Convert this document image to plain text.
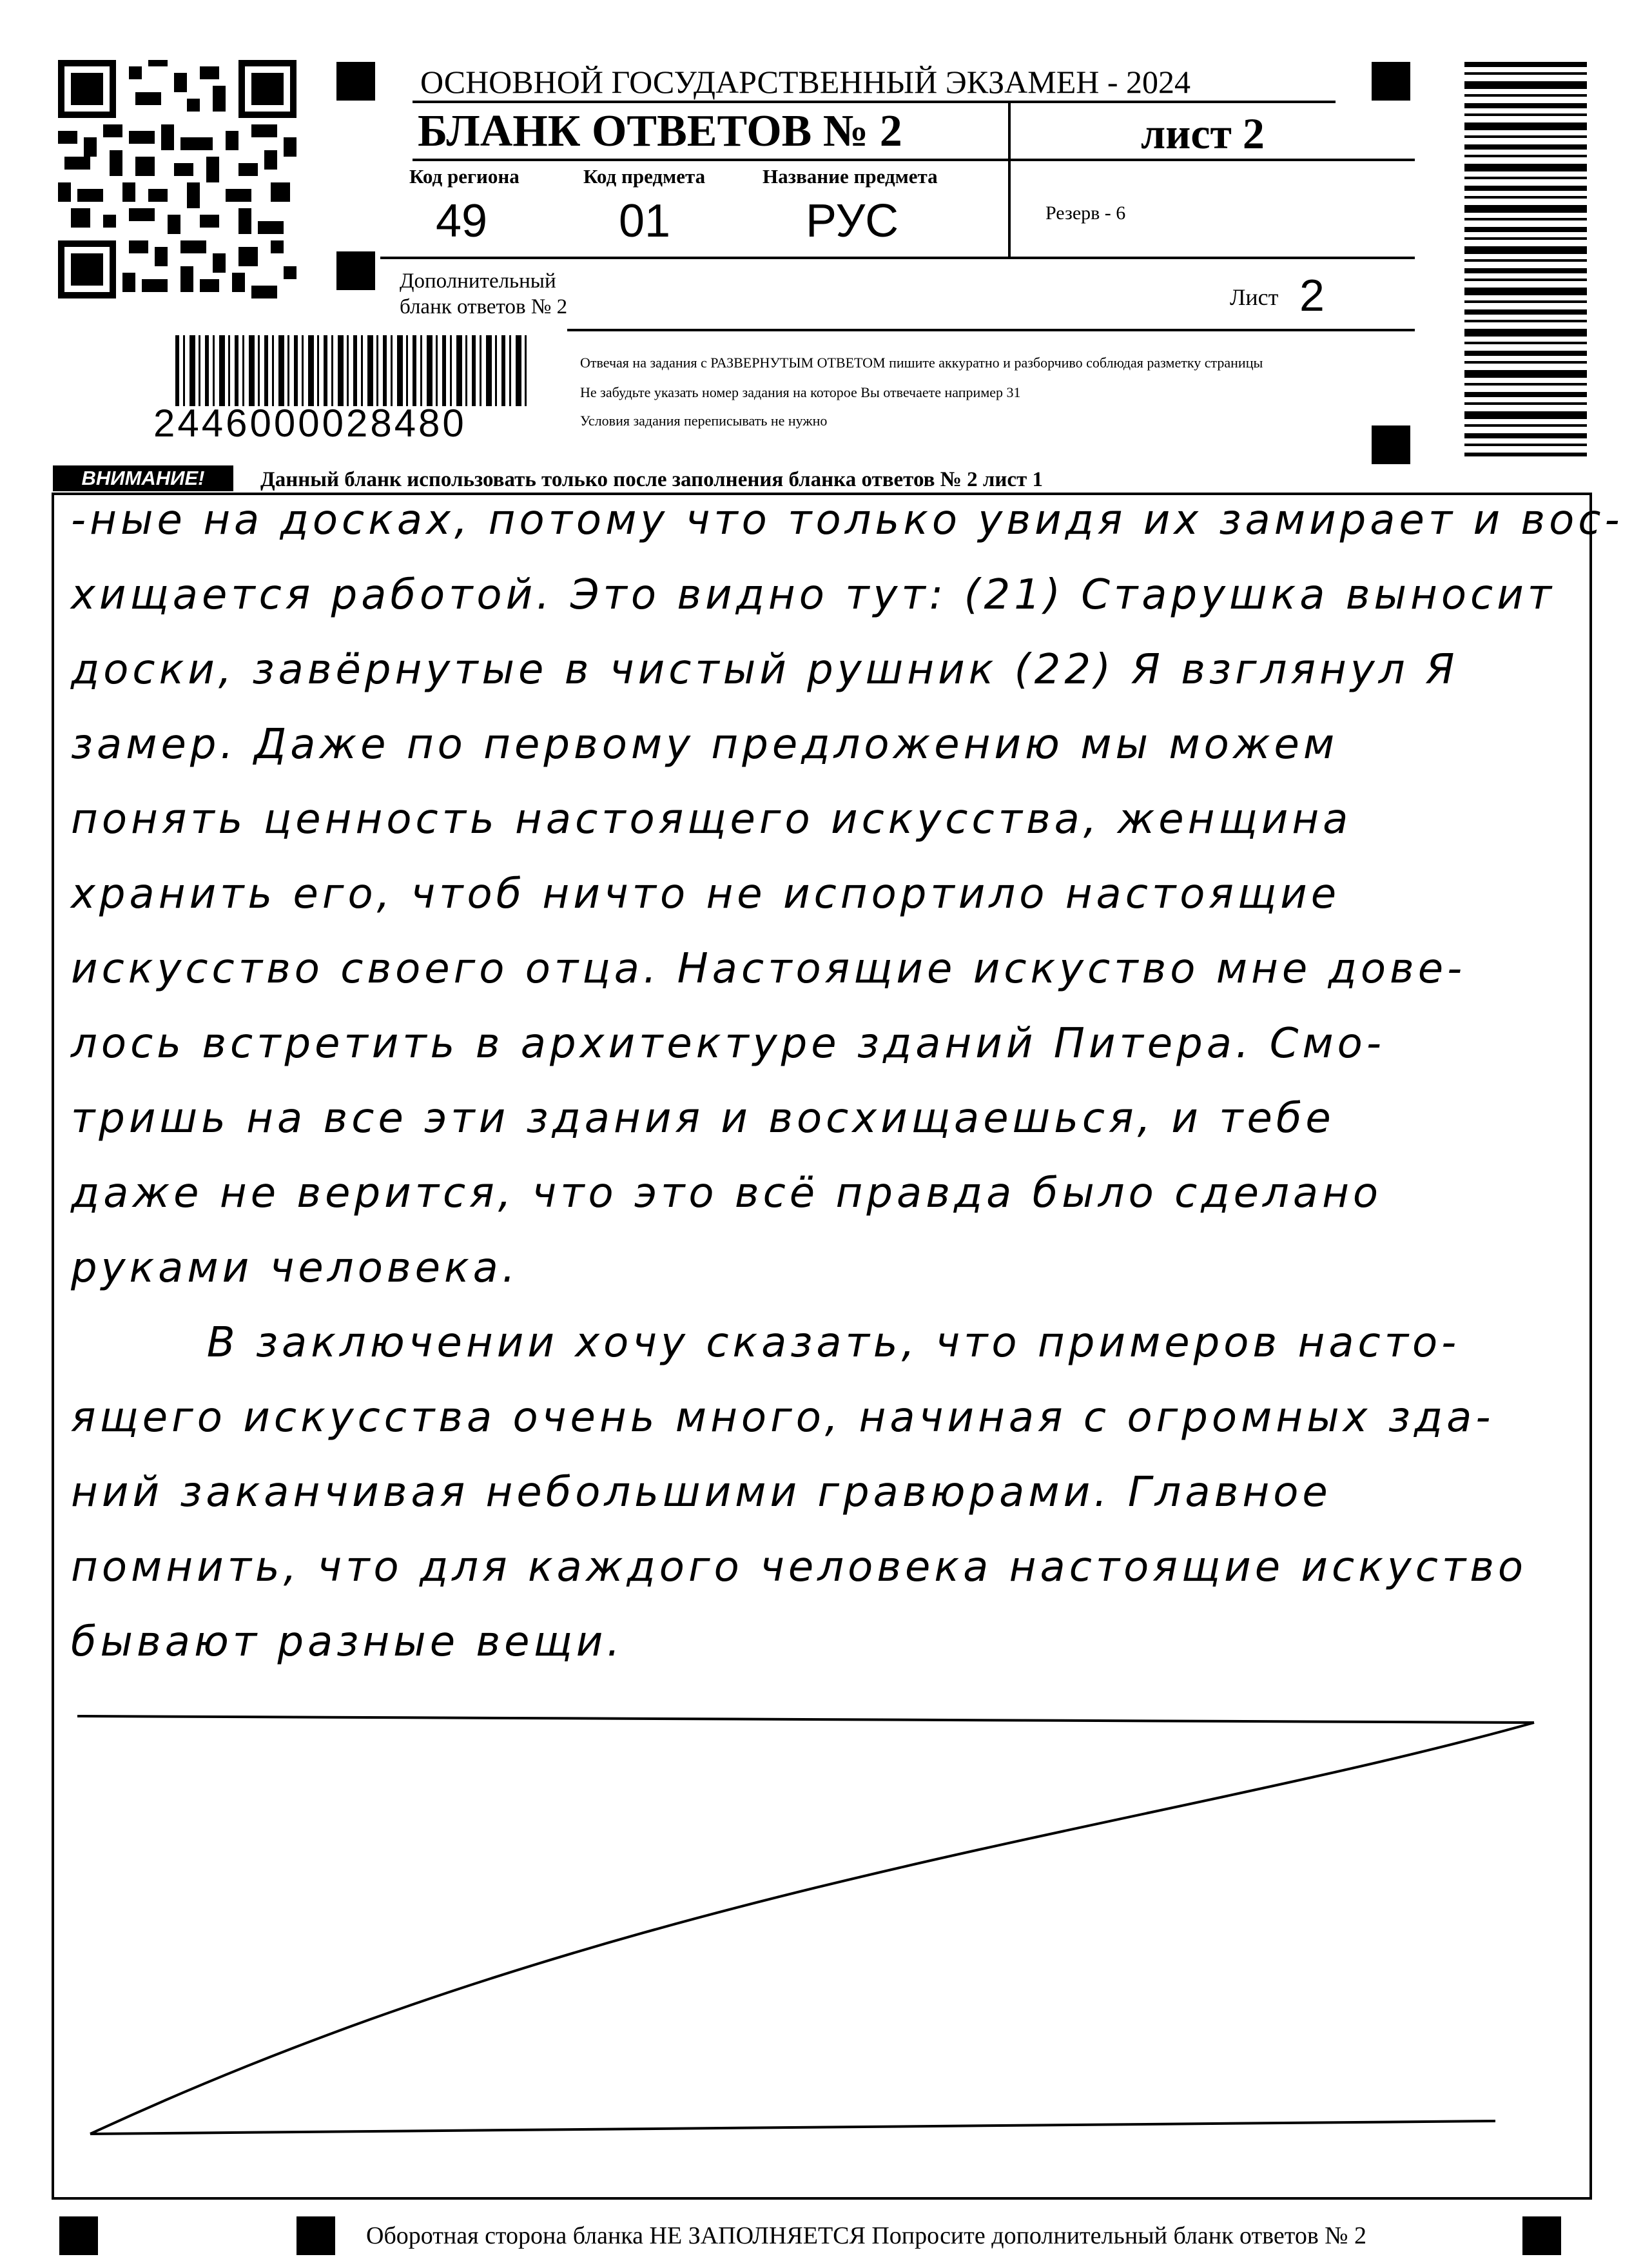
ОСНОВНОЙ ГОСУДАРСТВЕННЫЙ ЭКЗАМЕН - 2024
БЛАНК ОТВЕТОВ № 2	лист 2
Код региона	Код предмета	Название предмета
49	01	РУС	Резерв - 6
Дополнительный
бланк ответов № 2	Лист 2
2446000028480
Отвечая на задания с РАЗВЕРНУТЫМ ОТВЕТОМ пишите аккуратно и разборчиво соблюдая разметку страницы
Не забудьте указать номер задания на которое Вы отвечаете например 31
Условия задания переписывать не нужно
ВНИМАНИЕ!	Данный бланк использовать только после заполнения бланка ответов № 2 лист 1
-ные на досках, потому что только увидя их замирает и вос-
хищается работой. Это видно тут: (21) Старушка выносит
доски, завёрнутые в чистый рушник (22) Я взглянул Я
замер. Даже по первому предложению мы можем
понять ценность настоящего искусства, женщина
хранить его, чтоб ничто не испортило настоящие
искусство своего отца. Настоящие искуство мне дове-
лось встретить в архитектуре зданий Питера. Смо-
тришь на все эти здания и восхищаешься, и тебе
даже не верится, что это всё правда было сделано
руками человека.
В заключении хочу сказать, что примеров насто-
ящего искусства очень много, начиная с огромных зда-
ний заканчивая небольшими гравюрами. Главное
помнить, что для каждого человека настоящие искуство
бывают разные вещи.
Оборотная сторона бланка НЕ ЗАПОЛНЯЕТСЯ Попросите дополнительный бланк ответов № 2
